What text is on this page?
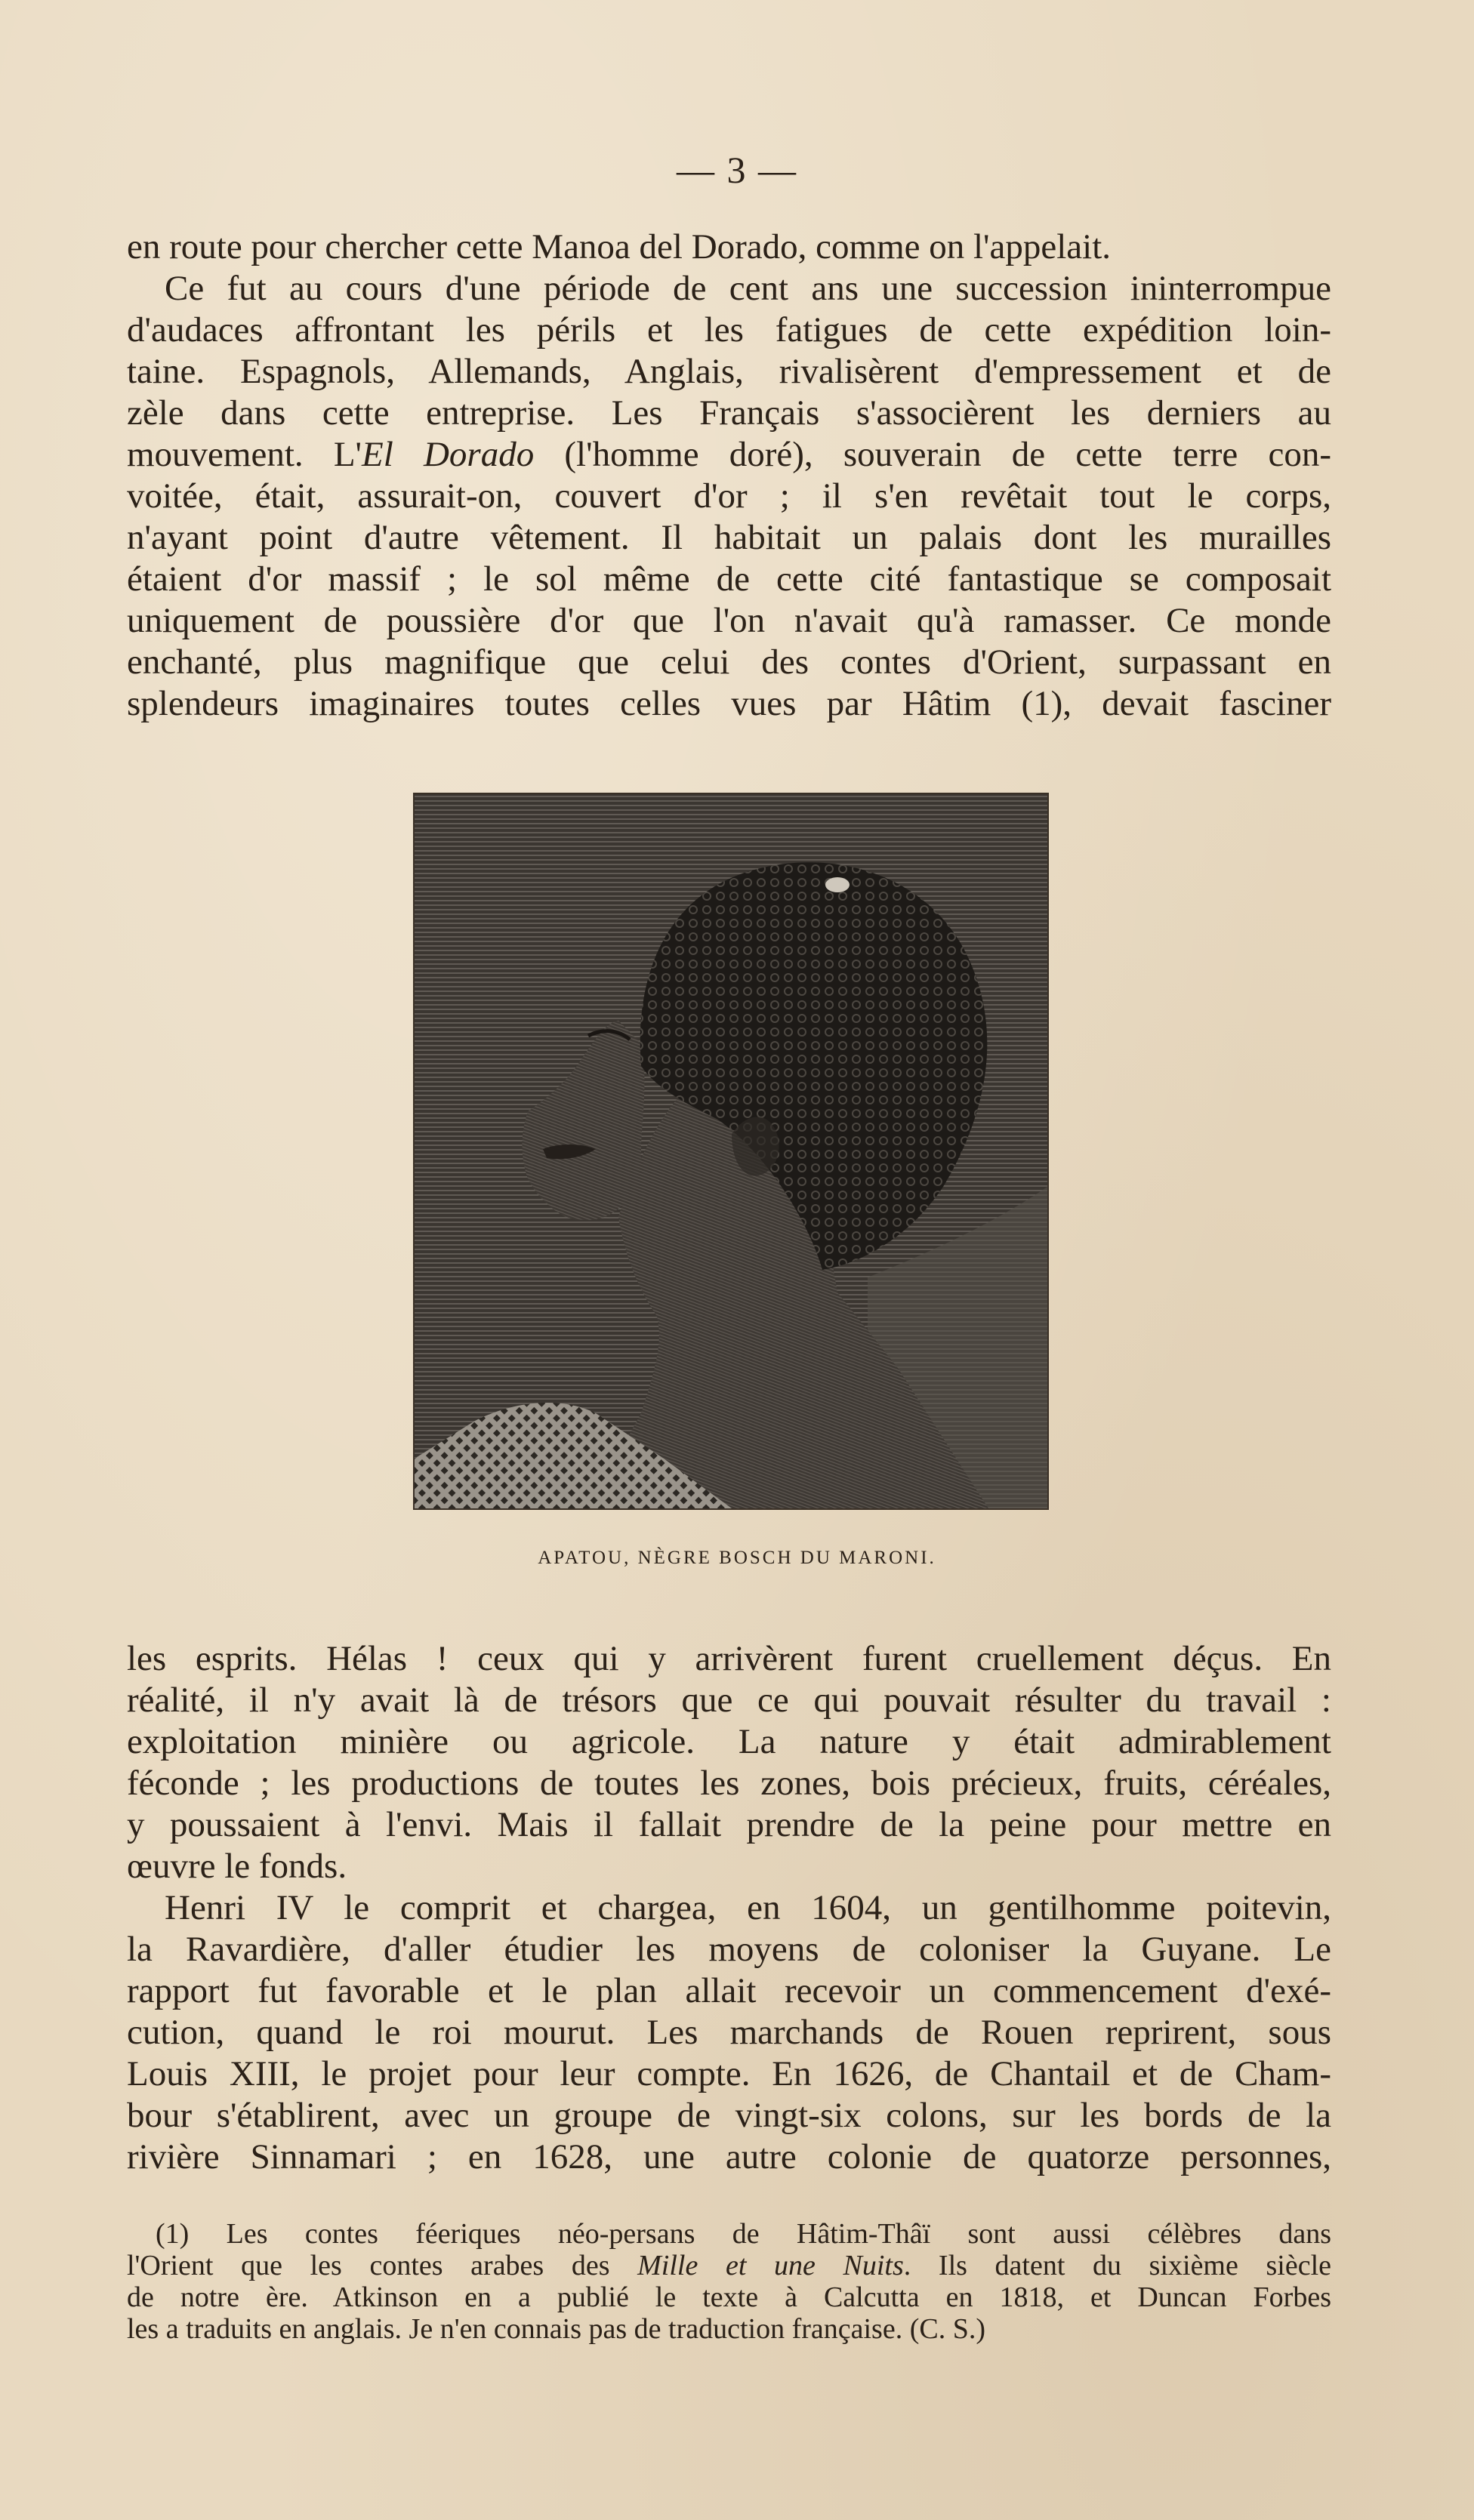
— 3 —
en route pour chercher cette Manoa del Dorado, comme on l'appelait.
Ce fut au cours d'une période de cent ans une succession ininterrompue
d'audaces affrontant les périls et les fatigues de cette expédition loin-
taine. Espagnols, Allemands, Anglais, rivalisèrent d'empressement et de
zèle dans cette entreprise. Les Français s'associèrent les derniers au
mouvement. L'El Dorado (l'homme doré), souverain de cette terre con-
voitée, était, assurait-on, couvert d'or ; il s'en revêtait tout le corps,
n'ayant point d'autre vêtement. Il habitait un palais dont les murailles
étaient d'or massif ; le sol même de cette cité fantastique se composait
uniquement de poussière d'or que l'on n'avait qu'à ramasser. Ce monde
enchanté, plus magnifique que celui des contes d'Orient, surpassant en
splendeurs imaginaires toutes celles vues par Hâtim (1), devait fasciner
APATOU, NÈGRE BOSCH DU MARONI.
les esprits. Hélas ! ceux qui y arrivèrent furent cruellement déçus. En
réalité, il n'y avait là de trésors que ce qui pouvait résulter du travail :
exploitation minière ou agricole. La nature y était admirablement
féconde ; les productions de toutes les zones, bois précieux, fruits, céréales,
y poussaient à l'envi. Mais il fallait prendre de la peine pour mettre en
œuvre le fonds.
Henri IV le comprit et chargea, en 1604, un gentilhomme poitevin,
la Ravardière, d'aller étudier les moyens de coloniser la Guyane. Le
rapport fut favorable et le plan allait recevoir un commencement d'exé-
cution, quand le roi mourut. Les marchands de Rouen reprirent, sous
Louis XIII, le projet pour leur compte. En 1626, de Chantail et de Cham-
bour s'établirent, avec un groupe de vingt-six colons, sur les bords de la
rivière Sinnamari ; en 1628, une autre colonie de quatorze personnes,
(1) Les contes féeriques néo-persans de Hâtim-Thâï sont aussi célèbres dans
l'Orient que les contes arabes des Mille et une Nuits. Ils datent du sixième siècle
de notre ère. Atkinson en a publié le texte à Calcutta en 1818, et Duncan Forbes
les a traduits en anglais. Je n'en connais pas de traduction française. (C. S.)
